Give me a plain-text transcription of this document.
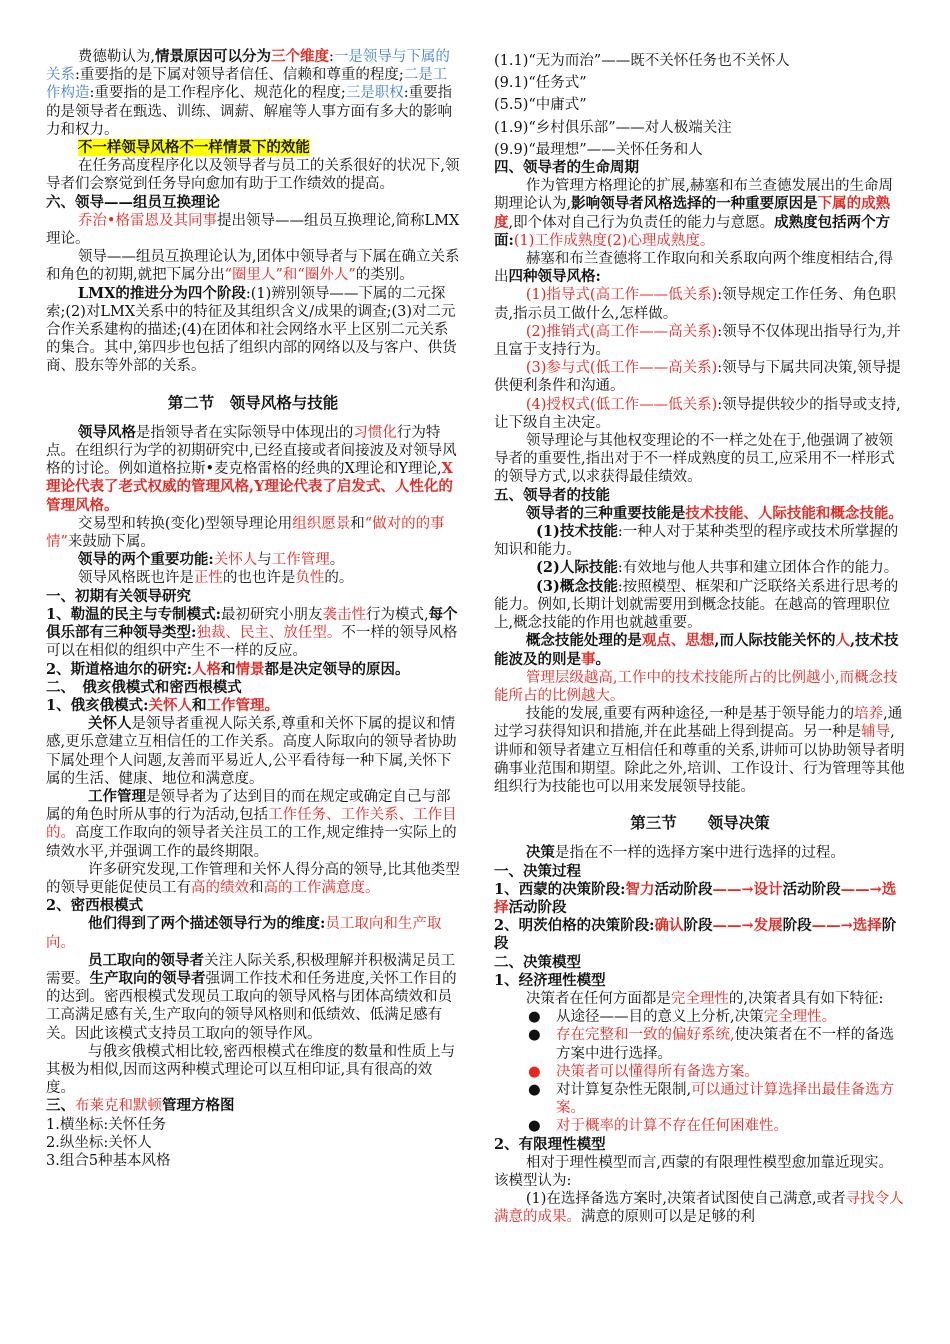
费德勒认为,情景原因可以分为三个维度:一是领导与下属的关系:重要指的是下属对领导者信任、信赖和尊重的程度;二是工作构造:重要指的是工作程序化、规范化的程度;三是职权:重要指的是领导者在甄选、训练、调薪、解雇等人事方面有多大的影响力和权力。

不一样领导风格不一样情景下的效能

在任务高度程序化以及领导者与员工的关系很好的状况下,领导者们会察觉到任务导向愈加有助于工作绩效的提高。

六、领导——组员互换理论

乔治•格雷恩及其同事提出领导——组员互换理论,简称LMX理论。

领导——组员互换理论认为,团体中领导者与下属在确立关系和角色的初期,就把下属分出“圈里人”和“圈外人”的类别。

LMX的推进分为四个阶段:(1)辨别领导——下属的二元探索;(2)对LMX关系中的特征及其组织含义/成果的调查;(3)对二元合作关系建构的描述;(4)在团体和社会网络水平上区别二元关系的集合。其中,第四步也包括了组织内部的网络以及与客户、供货商、股东等外部的关系。

第二节　领导风格与技能

领导风格是指领导者在实际领导中体现出的习惯化行为特点。在组织行为学的初期研究中,已经直接或者间接波及对领导风格的讨论。例如道格拉斯•麦克格雷格的经典的X理论和Y理论,X理论代表了老式权威的管理风格,Y理论代表了启发式、人性化的管理风格。

交易型和转换(变化)型领导理论用组织愿景和“做对的的事情”来鼓励下属。

领导的两个重要功能:关怀人与工作管理。

领导风格既也许是正性的也也许是负性的。

一、初期有关领导研究

1、勒温的民主与专制模式:最初研究小朋友袭击性行为模式,每个俱乐部有三种领导类型:独裁、民主、放任型。不一样的领导风格可以在相似的组织中产生不一样的反应。

2、斯道格迪尔的研究:人格和情景都是决定领导的原因。

二、　俄亥俄模式和密西根模式

1、俄亥俄模式:关怀人和工作管理。

关怀人是领导者重视人际关系,尊重和关怀下属的提议和情感,更乐意建立互相信任的工作关系。高度人际取向的领导者协助下属处理个人问题,友善而平易近人,公平看待每一种下属,关怀下属的生活、健康、地位和满意度。

工作管理是领导者为了达到目的而在规定或确定自己与部属的角色时所从事的行为活动,包括工作任务、工作关系、工作目的。高度工作取向的领导者关注员工的工作,规定维持一实际上的绩效水平,并强调工作的最终期限。

许多研究发现,工作管理和关怀人得分高的领导,比其他类型的领导更能促使员工有高的绩效和高的工作满意度。

2、密西根模式

他们得到了两个描述领导行为的维度:员工取向和生产取向。

员工取向的领导者关注人际关系,积极理解并积极满足员工需要。生产取向的领导者强调工作技术和任务进度,关怀工作目的的达到。密西根模式发现员工取向的领导风格与团体高绩效和员工高满足感有关,生产取向的领导风格则和低绩效、低满足感有关。因此该模式支持员工取向的领导作风。

与俄亥俄模式相比较,密西根模式在维度的数量和性质上与其极为相似,因而这两种模式理论可以互相印证,具有很高的效度。

三、布莱克和默顿管理方格图

1.横坐标:关怀任务

2.纵坐标:关怀人

3.组合5种基本风格

(1.1)“无为而治”——既不关怀任务也不关怀人

(9.1)“任务式”

(5.5)“中庸式”

(1.9)“乡村俱乐部”——对人极端关注

(9.9)“最理想”——关怀任务和人

四、领导者的生命周期

作为管理方格理论的扩展,赫塞和布兰查德发展出的生命周期理论认为,影响领导者风格选择的一种重要原因是下属的成熟度,即个体对自己行为负责任的能力与意愿。成熟度包括两个方面:(1)工作成熟度(2)心理成熟度。

赫塞和布兰查德将工作取向和关系取向两个维度相结合,得出四种领导风格:

(1)指导式(高工作——低关系):领导规定工作任务、角色职责,指示员工做什么,怎样做。

(2)推销式(高工作——高关系):领导不仅体现出指导行为,并且富于支持行为。

(3)参与式(低工作——高关系):领导与下属共同决策,领导提供便利条件和沟通。

(4)授权式(低工作——低关系):领导提供较少的指导或支持,让下级自主决定。

领导理论与其他权变理论的不一样之处在于,他强调了被领导者的重要性,指出对于不一样成熟度的员工,应采用不一样形式的领导方式,以求获得最佳绩效。

五、领导者的技能

领导者的三种重要技能是技术技能、人际技能和概念技能。

(1)技术技能:一种人对于某种类型的程序或技术所掌握的知识和能力。

(2)人际技能:有效地与他人共事和建立团体合作的能力。

(3)概念技能:按照模型、框架和广泛联络关系进行思考的能力。例如,长期计划就需要用到概念技能。在越高的管理职位上,概念技能的作用也就越重要。

概念技能处理的是观点、思想,而人际技能关怀的人,技术技能波及的则是事。

管理层级越高,工作中的技术技能所占的比例越小,而概念技能所占的比例越大。

技能的发展,重要有两种途径,一种是基于领导能力的培养,通过学习获得知识和措施,并在此基础上得到提高。另一种是辅导,讲师和领导者建立互相信任和尊重的关系,讲师可以协助领导者明确事业范围和期望。除此之外,培训、工作设计、行为管理等其他组织行为技能也可以用来发展领导技能。

第三节　　领导决策

决策是指在不一样的选择方案中进行选择的过程。

一、决策过程

1、西蒙的决策阶段:智力活动阶段——→设计活动阶段——→选择活动阶段

2、明茨伯格的决策阶段:确认阶段——→发展阶段——→选择阶段

二、决策模型

1、经济理性模型

决策者在任何方面都是完全理性的,决策者具有如下特征:

● 从途径——目的意义上分析,决策完全理性。

● 存在完整和一致的偏好系统,使决策者在不一样的备选方案中进行选择。

● 决策者可以懂得所有备选方案。

● 对计算复杂性无限制,可以通过计算选择出最佳备选方案。

● 对于概率的计算不存在任何困难性。

2、有限理性模型

相对于理性模型而言,西蒙的有限理性模型愈加靠近现实。该模型认为:

(1)在选择备选方案时,决策者试图使自己满意,或者寻找令人满意的成果。满意的原则可以是足够的利
